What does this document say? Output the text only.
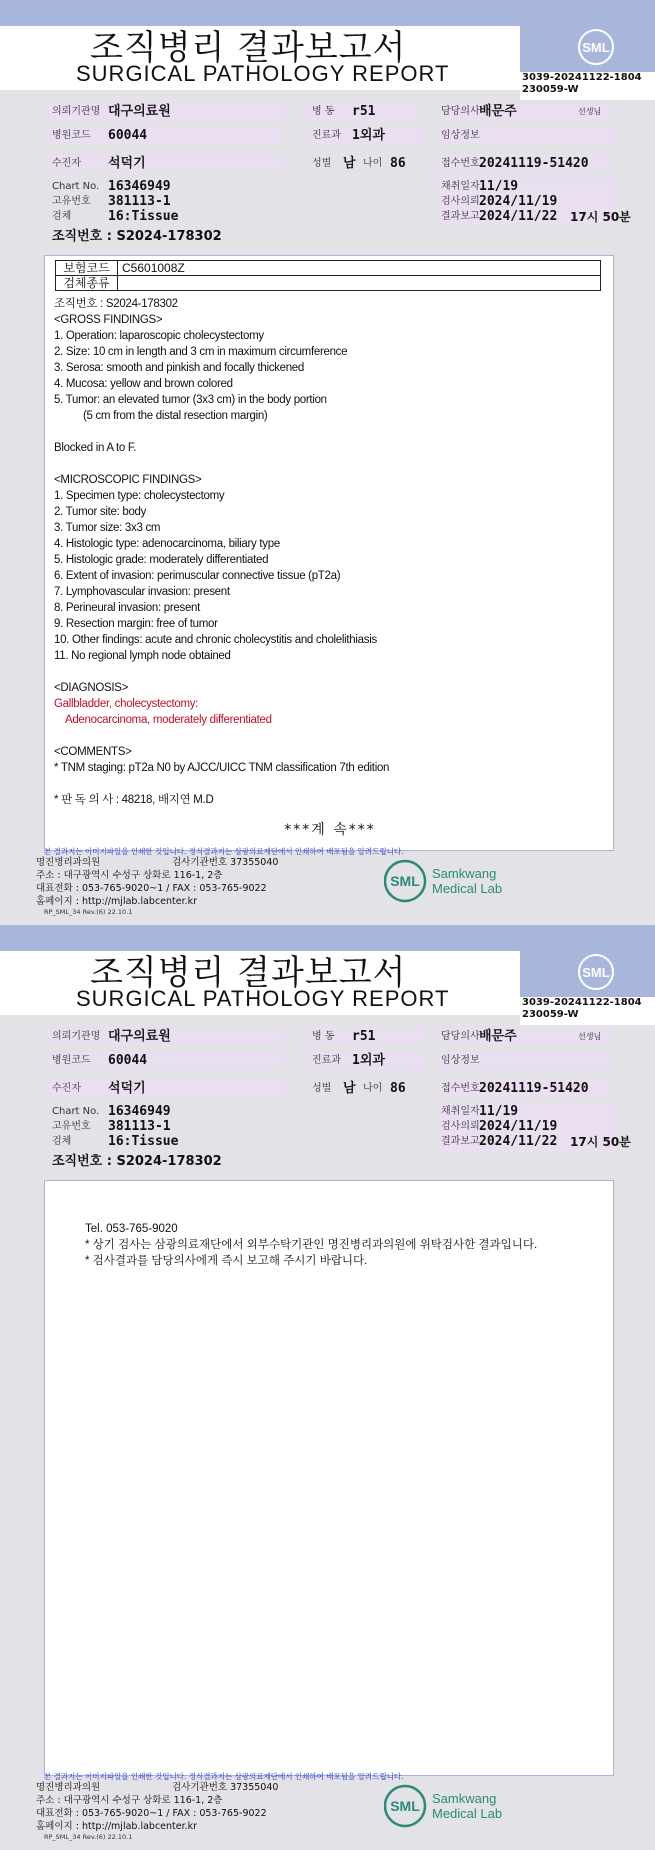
조직병리 결과보고서
SURGICAL PATHOLOGY REPORT
SML
3039-20241122-1804
230059-W
의뢰기관명 대구의료원
병원코드 60044
수진자 석덕기
Chart No. 16346949
고유번호 381113-1
검체	16:Tissue
조직번호 : S2024-178302
병 동 r51
진료과 1외과
성별 남 나이 86
담당의사 배문주	선생님
임상정보
접수번호 20241119-51420
채취일자 11/19
검사의뢰 2024/11/19
결과보고 2024/11/22 17시 50분
보험코드	C5601008Z
검체종류	
조직번호 : S2024-178302
<GROSS FINDINGS>
1. Operation: laparoscopic cholecystectomy
2. Size: 10 cm in length and 3 cm in maximum circumference
3. Serosa: smooth and pinkish and focally thickened
4. Mucosa: yellow and brown colored
5. Tumor: an elevated tumor (3x3 cm) in the body portion
(5 cm from the distal resection margin)
Blocked in A to F.
<MICROSCOPIC FINDINGS>
1. Specimen type: cholecystectomy
2. Tumor site: body
3. Tumor size: 3x3 cm
4. Histologic type: adenocarcinoma, biliary type
5. Histologic grade: moderately differentiated
6. Extent of invasion: perimuscular connective tissue (pT2a)
7. Lymphovascular invasion: present
8. Perineural invasion: present
9. Resection margin: free of tumor
10. Other findings: acute and chronic cholecystitis and cholelithiasis
11. No regional lymph node obtained
<DIAGNOSIS>
Gallbladder, cholecystectomy:
Adenocarcinoma, moderately differentiated
<COMMENTS>
* TNM staging: pT2a N0 by AJCC/UICC TNM classification 7th edition
* 판 독 의 사 : 48218, 배지연 M.D
***계 속***
본 결과지는 이미지파일을 인쇄한 것입니다. 정식결과지는 삼광의료재단에서 인쇄하여 배포됨을 알려드립니다.
명진병리과의원
주소 : 대구광역시 수성구 상화로 116-1, 2층
대표전화 : 053-765-9020~1 / FAX : 053-765-9022
홈페이지 : http://mjlab.labcenter.kr
검사기관번호 37355040
RP_SML_34 Rev.(6) 22.10.1
SML Samkwang
Medical Lab
조직병리 결과보고서
SURGICAL PATHOLOGY REPORT
SML
3039-20241122-1804
230059-W
의뢰기관명 대구의료원
병원코드 60044
수진자 석덕기
Chart No. 16346949
고유번호 381113-1
검체	16:Tissue
조직번호 : S2024-178302
병 동 r51
진료과 1외과
성별 남 나이 86
담당의사 배문주	선생님
임상정보
접수번호 20241119-51420
채취일자 11/19
검사의뢰 2024/11/19
결과보고 2024/11/22 17시 50분
Tel. 053-765-9020
* 상기 검사는 삼광의료재단에서 외부수탁기관인 명진병리과의원에 위탁검사한 결과입니다.
* 검사결과를 담당의사에게 즉시 보고해 주시기 바랍니다.
본 결과지는 이미지파일을 인쇄한 것입니다. 정식결과지는 삼광의료재단에서 인쇄하여 배포됨을 알려드립니다.
명진병리과의원
주소 : 대구광역시 수성구 상화로 116-1, 2층
대표전화 : 053-765-9020~1 / FAX : 053-765-9022
홈페이지 : http://mjlab.labcenter.kr
검사기관번호 37355040
RP_SML_34 Rev.(6) 22.10.1
SML Samkwang
Medical Lab
